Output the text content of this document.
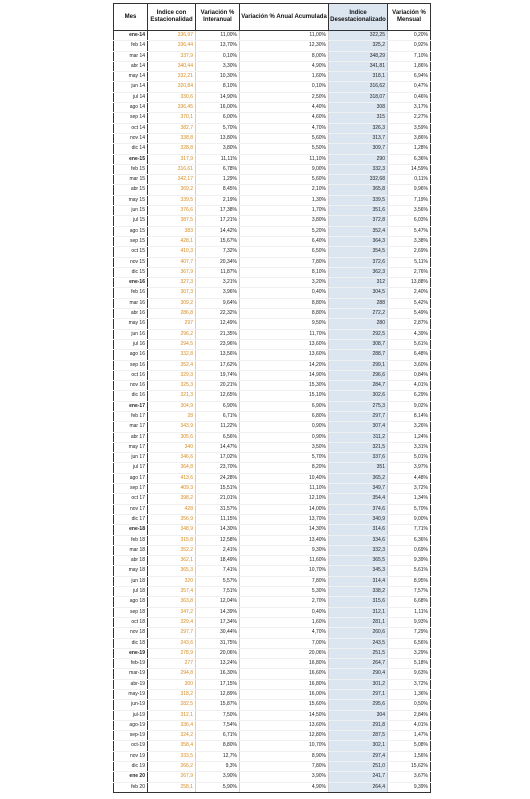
Mes	Indice con Estacionalidad	Variación % Interanual	Variación % Anual Acumulada	Indice Desestacionalizado	Variación % Mensual
ene-14	336,97	11,00%	11,00%	322,25	0,20%
feb 14	336,44	13,70%	12,30%	325,2	0,92%
mar 14	337,9	0,10%	8,00%	348,29	7,10%
abr 14	340,44	3,30%	4,90%	341,81	1,86%
may 14	332,21	10,30%	1,60%	318,1	6,94%
jun 14	320,84	8,10%	0,10%	316,62	0,47%
jul 14	330,6	14,90%	2,50%	318,07	0,46%
ago 14	336,45	16,00%	4,40%	308	3,17%
sep 14	370,1	6,00%	4,60%	315	2,27%
oct 14	382,7	5,70%	4,70%	326,3	3,59%
nov 14	338,8	13,80%	5,60%	313,7	3,86%
dic 14	328,8	3,80%	5,50%	309,7	1,28%
ene-15	317,9	11,11%	11,10%	290	6,36%
feb 15	316,61	6,78%	9,00%	332,3	14,59%
mar 15	342,17	1,29%	5,60%	332,68	0,11%
abr 15	369,2	8,45%	2,10%	365,8	9,96%
may 15	339,5	2,19%	1,30%	339,5	7,19%
jun 15	376,6	17,38%	1,70%	351,6	3,56%
jul 15	387,5	17,21%	3,80%	372,8	6,03%
ago 15	383	14,42%	5,20%	352,4	5,47%
sep 15	428,1	15,67%	6,40%	364,3	3,38%
oct 15	410,3	7,32%	6,50%	354,5	2,69%
nov 15	407,7	20,34%	7,80%	372,6	5,11%
dic 15	367,9	11,87%	8,10%	362,3	2,76%
ene-16	327,3	3,21%	3,20%	312	13,88%
feb 16	307,3	3,96%	0,40%	304,5	2,40%
mar 16	309,2	9,64%	8,80%	288	5,42%
abr 16	286,8	22,32%	8,80%	272,2	5,49%
may 16	297	12,49%	9,50%	280	2,87%
jun 16	296,2	21,35%	11,70%	292,5	4,39%
jul 16	294,5	23,96%	13,60%	308,7	5,61%
ago 16	332,8	13,56%	13,60%	288,7	6,48%
sep 16	352,4	17,62%	14,20%	299,1	3,60%
oct 16	329,3	19,74%	14,90%	296,6	0,84%
nov 16	325,3	20,21%	15,30%	284,7	4,01%
dic 16	321,3	12,65%	15,10%	302,6	6,29%
ene-17	304,9	6,90%	6,90%	275,3	9,02%
feb 17	28	6,71%	6,80%	297,7	8,14%
mar 17	343,9	11,22%	0,90%	307,4	3,26%
abr 17	305,6	6,56%	0,90%	311,2	1,24%
may 17	340	14,47%	3,50%	321,5	3,31%
jun 17	346,6	17,02%	5,70%	337,6	5,01%
jul 17	364,8	23,70%	8,20%	351	3,97%
ago 17	413,6	24,28%	10,40%	365,2	4,48%
sep 17	409,3	15,51%	11,10%	349,7	3,72%
oct 17	398,2	21,01%	12,10%	354,4	1,34%
nov 17	428	31,57%	14,00%	374,6	5,70%
dic 17	356,9	11,15%	13,70%	340,9	9,00%
ene-18	348,9	14,30%	14,30%	314,6	7,71%
feb 18	315,8	12,58%	13,40%	334,6	6,36%
mar 18	352,2	2,41%	9,30%	332,3	0,69%
abr 18	362,1	18,49%	11,60%	365,5	9,39%
may 18	365,3	7,41%	10,70%	345,3	5,61%
jun 18	320	5,57%	7,80%	314,4	8,95%
jul 18	357,4	7,51%	5,30%	338,2	7,57%
ago 18	363,8	12,04%	2,70%	315,6	6,68%
sep 18	347,2	14,39%	0,40%	312,1	1,11%
oct 18	329,4	17,34%	1,60%	281,1	9,93%
nov 18	297,7	30,44%	4,70%	260,6	7,29%
dic 18	243,6	31,75%	7,00%	243,5	6,56%
ene-19	278,9	20,06%	20,06%	251,5	3,29%
feb-19	277	13,24%	16,80%	264,7	5,18%
mar-19	294,8	16,30%	16,60%	290,4	9,63%
abr-19	300	17,15%	16,80%	301,2	3,72%
may-19	318,2	12,89%	16,00%	297,1	1,36%
jun-19	282,5	15,87%	15,60%	295,6	0,50%
jul-19	312,1	7,50%	14,50%	304	2,84%
ago-19	336,4	7,54%	13,60%	291,8	4,01%
sep-19	324,2	6,71%	12,80%	287,5	1,47%
oct-19	358,4	8,80%	10,70%	302,1	5,08%
nov 19	333,5	12,7%	8,90%	297,4	1,56%
dic 19	266,2	9,3%	7,80%	251,0	15,62%
ene 20	267,9	3,90%	3,90%	241,7	3,67%
feb 20	258,1	5,90%	4,90%	264,4	9,39%
